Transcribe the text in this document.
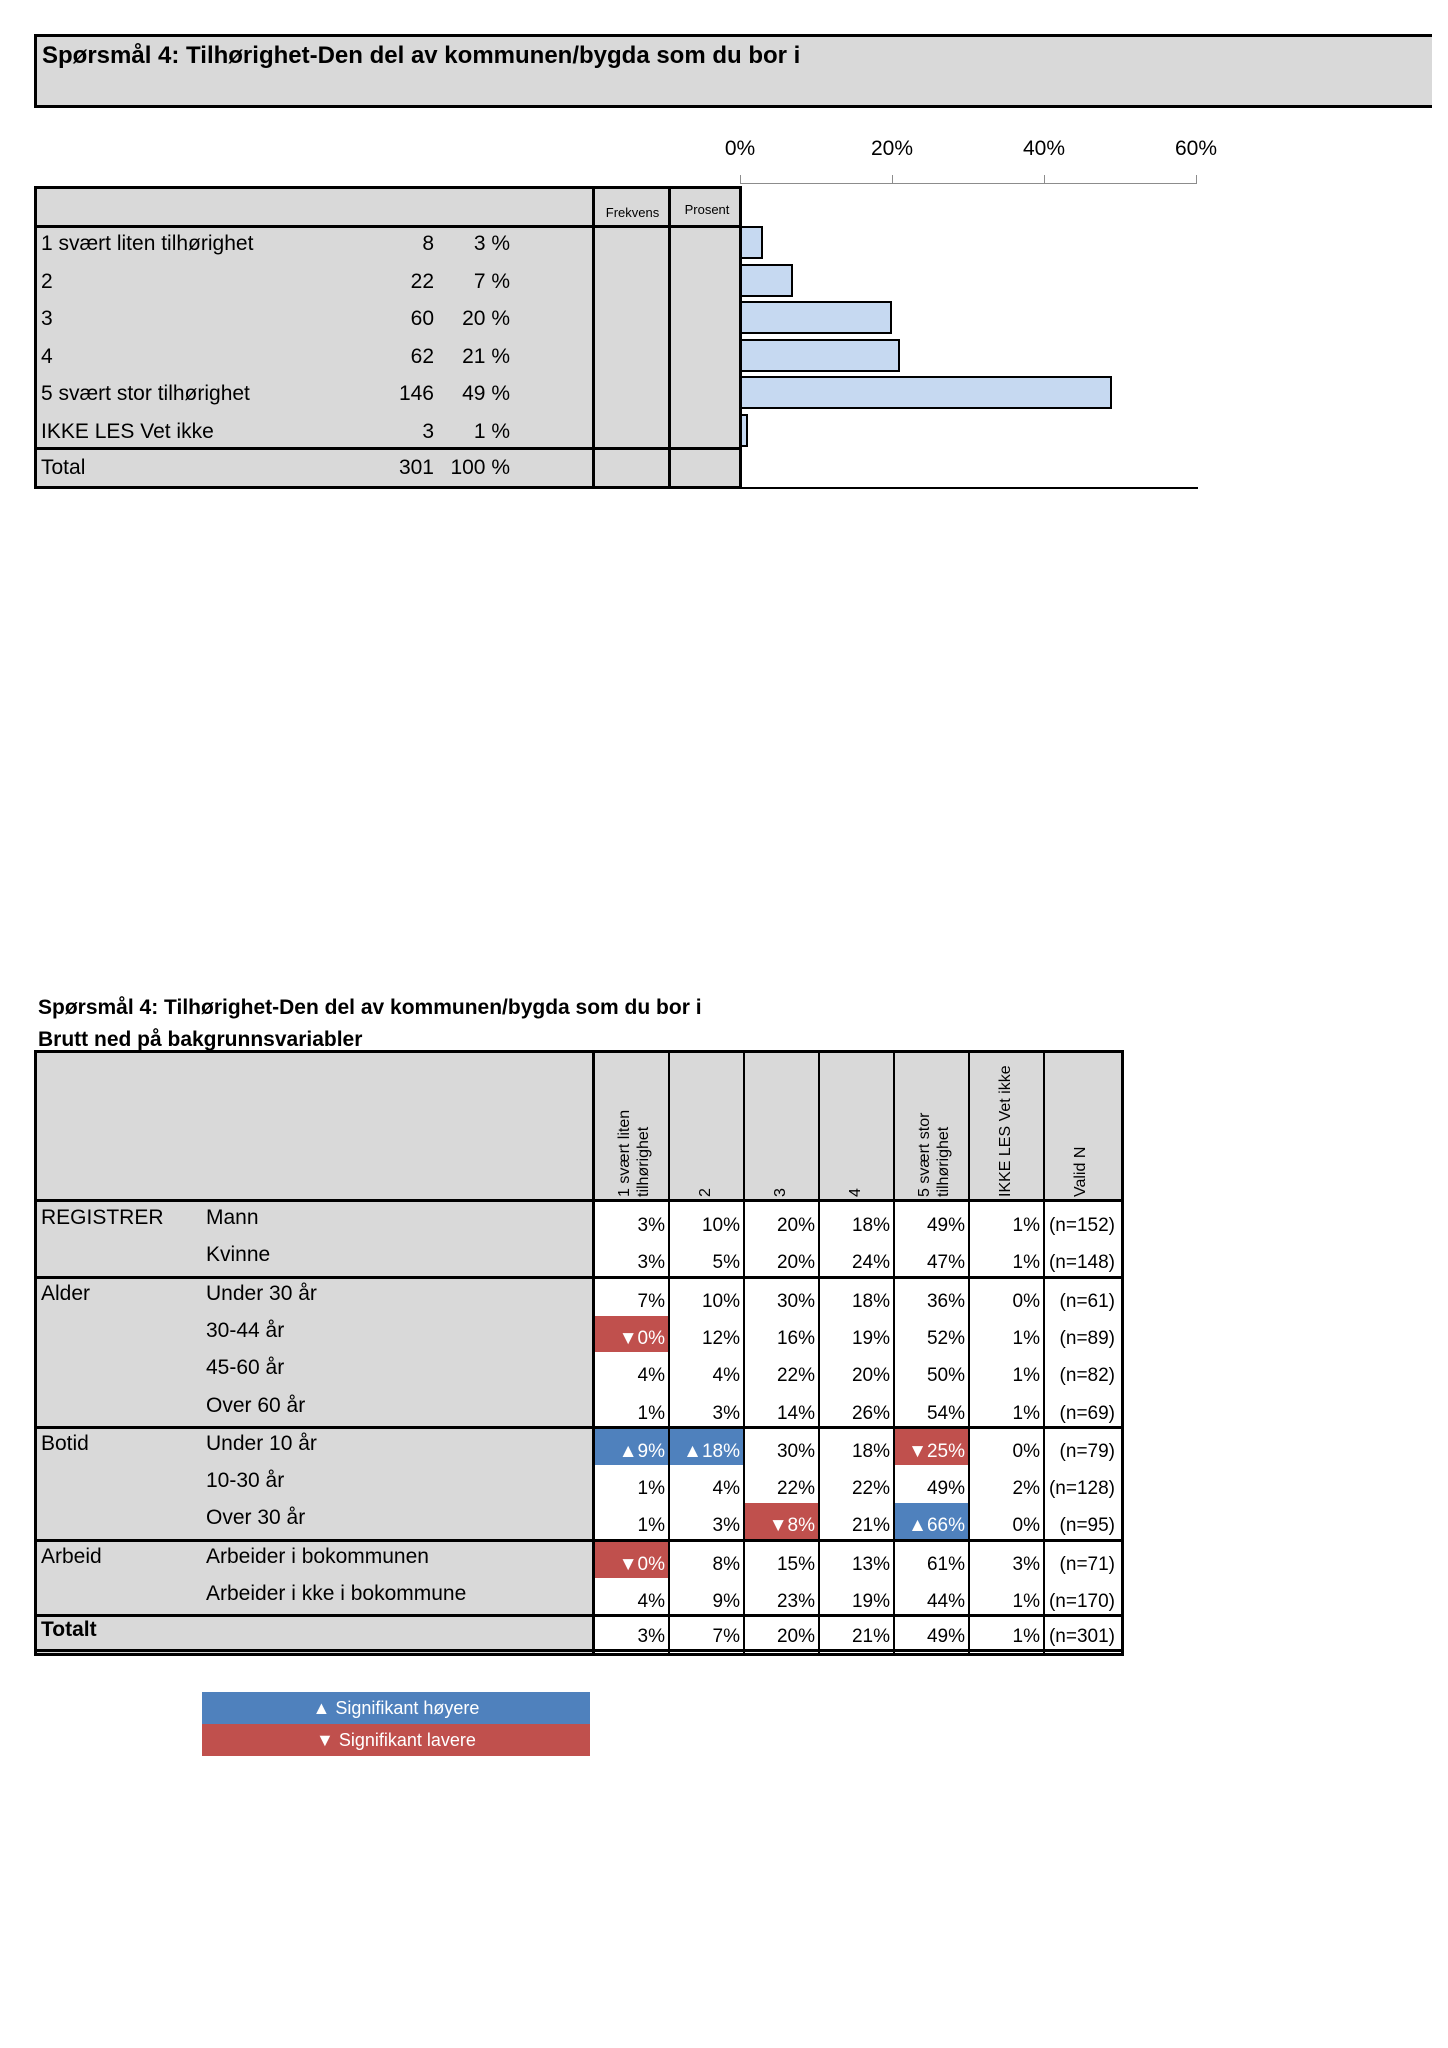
Spørsmål 4: Tilhørighet-Den del av kommunen/bygda som du bor i
0%	20%	40%	60%
Frekvens	Prosent
1 svært liten tilhørighet	8 3 %
2	22 7 %
3	60 20 %
4	62 21 %
5 svært stor tilhørighet	146 49 %
IKKE LES Vet ikke	3 1 %
Total	301 100 %
Spørsmål 4: Tilhørighet-Den del av kommunen/bygda som du bor i
Brutt ned på bakgrunnsvariabler
1 svært liten tilhørighet	2	3	4	5 svært stor tilhørighet	IKKE LES Vet ikke	Valid N
REGISTRER Mann	3%	10%	20%	18%	49%	1% (n=152)
Kvinne	3%	5%	20%	24%	47%	1% (n=148)
Alder	Under 30 år	7%	10%	30%	18%	36%	0%	(n=61)
30-44 år	▼0%	12%	16%	19%	52%	1%	(n=89)
45-60 år	4%	4%	22%	20%	50%	1%	(n=82)
Over 60 år	1%	3%	14%	26%	54%	1%	(n=69)
Botid	Under 10 år	▲9% ▲18%	30%	18% ▼25%	0%	(n=79)
10-30 år	1%	4%	22%	22%	49%	2% (n=128)
Over 30 år	1%	3%	▼8%	21% ▲66%	0%	(n=95)
Arbeid	Arbeider i bokommunen	▼0%	8%	15%	13%	61%	3%	(n=71)
Arbeider i kke i bokommune	4%	9%	23%	19%	44%	1% (n=170)
Totalt	3%	7%	20%	21%	49%	1% (n=301)
▲ Signifikant høyere
▼ Signifikant lavere
